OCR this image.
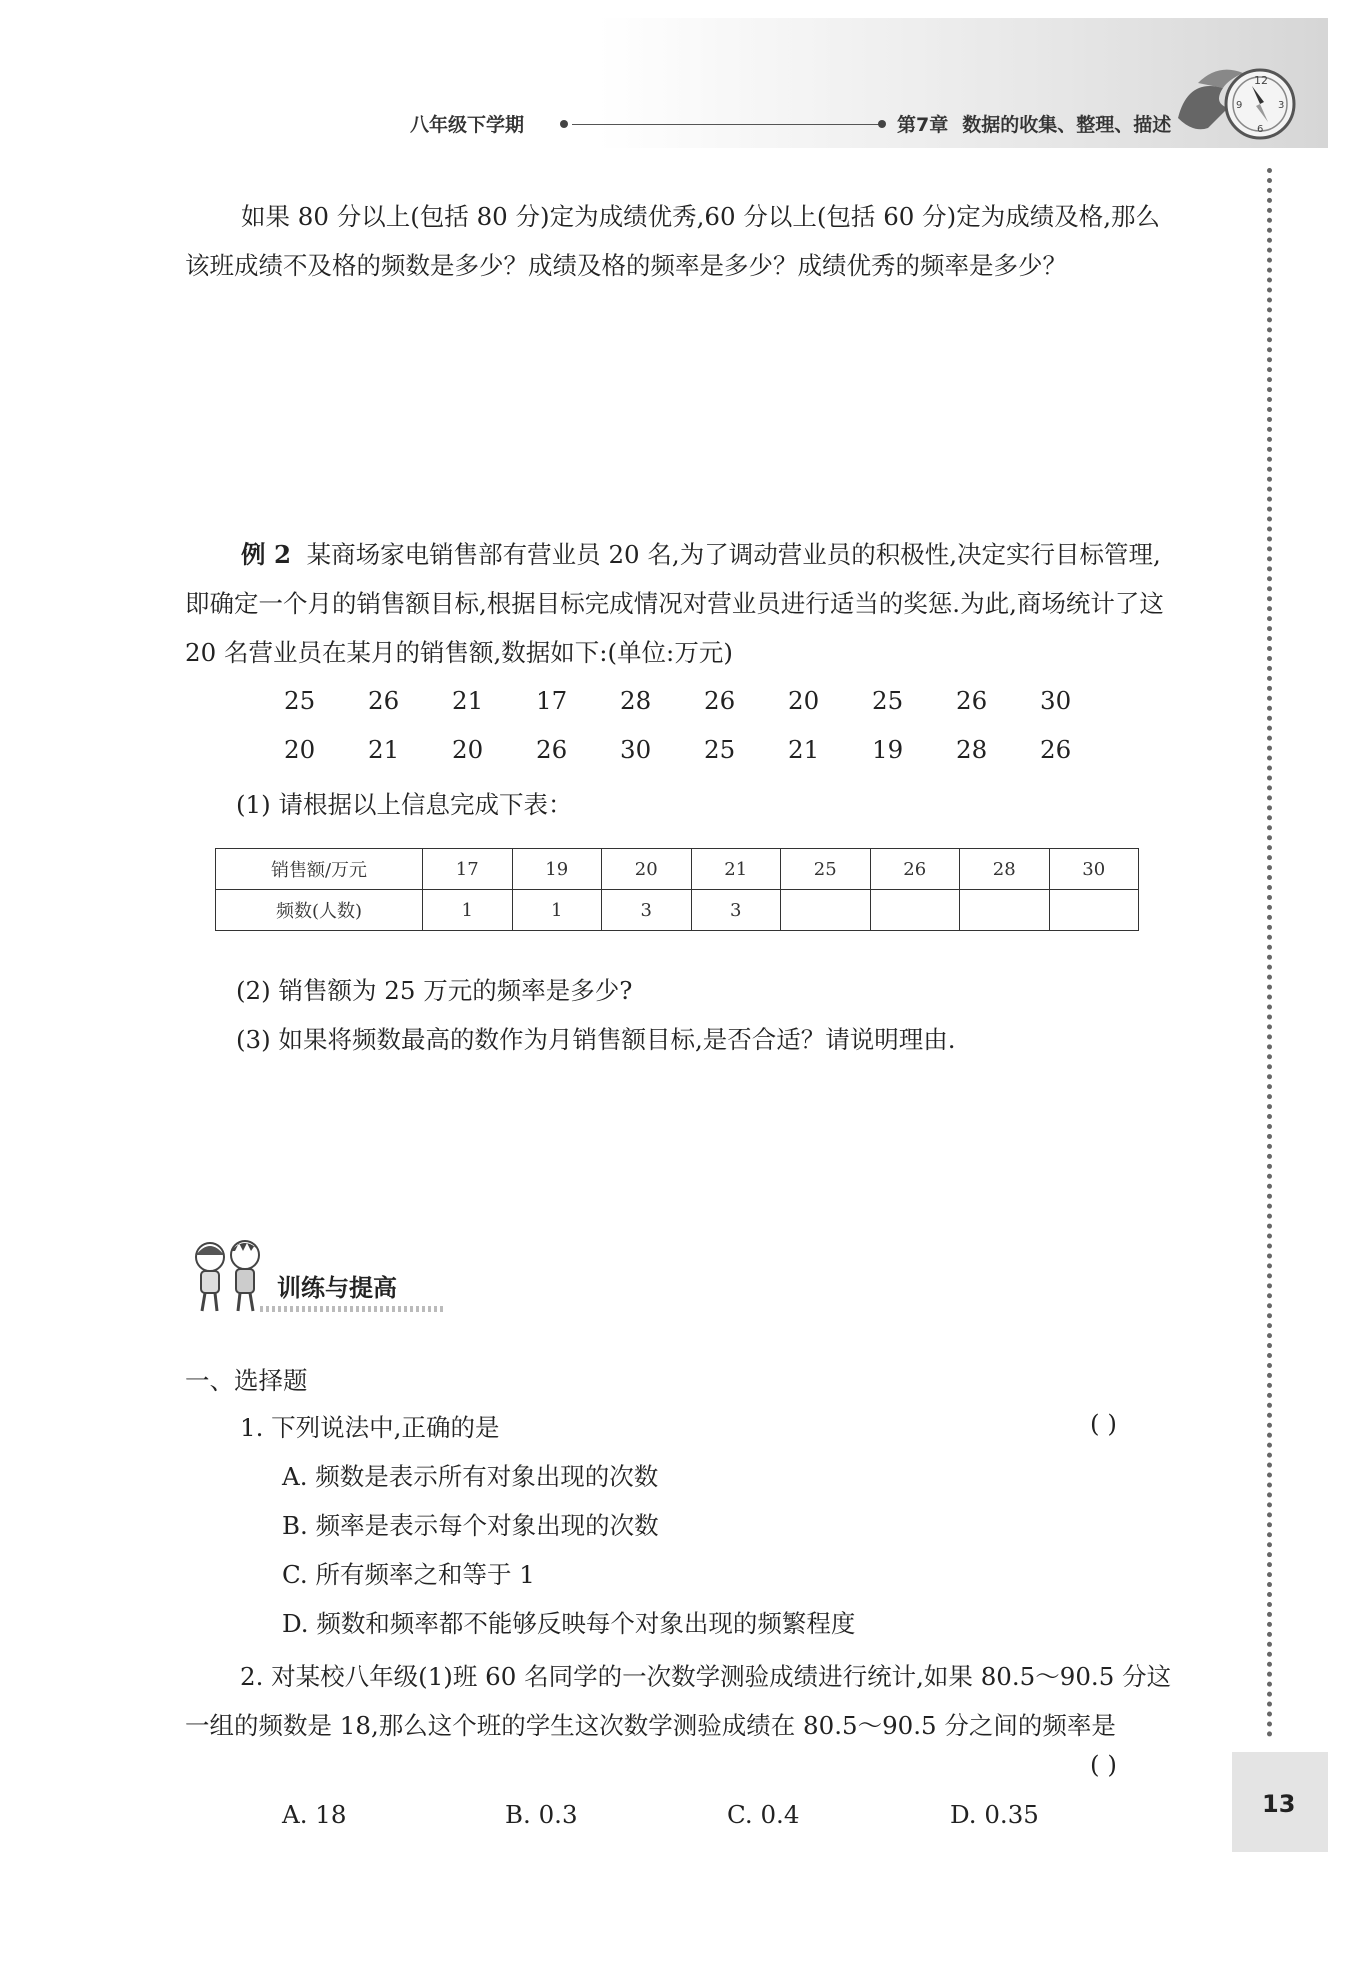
八年级下学期	第7章 数据的收集、整理、描述
12
9	3
6
13

如果 80 分以上(包括 80 分)定为成绩优秀,60 分以上(包括 60 分)定为成绩及格,那么该班成绩不及格的频数是多少？成绩及格的频率是多少？成绩优秀的频率是多少？

例 2 某商场家电销售部有营业员 20 名,为了调动营业员的积极性,决定实行目标管理,即确定一个月的销售额目标,根据目标完成情况对营业员进行适当的奖惩.为此,商场统计了这 20 名营业员在某月的销售额,数据如下:(单位:万元)

25	26	21	17	28	26	20	25	26	30
20	21	20	26	30	25	21	19	28	26

(1) 请根据以上信息完成下表：

销售额/万元	17	19	20	21	25	26	28	30
频数(人数)	1	1	3	3				

(2) 销售额为 25 万元的频率是多少?

(3) 如果将频数最高的数作为月销售额目标,是否合适？请说明理由.

训练与提高

一、选择题

1. 下列说法中,正确的是	( )

A. 频数是表示所有对象出现的次数

B. 频率是表示每个对象出现的次数

C. 所有频率之和等于 1

D. 频数和频率都不能够反映每个对象出现的频繁程度

2. 对某校八年级(1)班 60 名同学的一次数学测验成绩进行统计,如果 80.5～90.5 分这一组的频数是 18,那么这个班的学生这次数学测验成绩在 80.5～90.5 分之间的频率是

( )
A. 18	B. 0.3	C. 0.4	D. 0.35
